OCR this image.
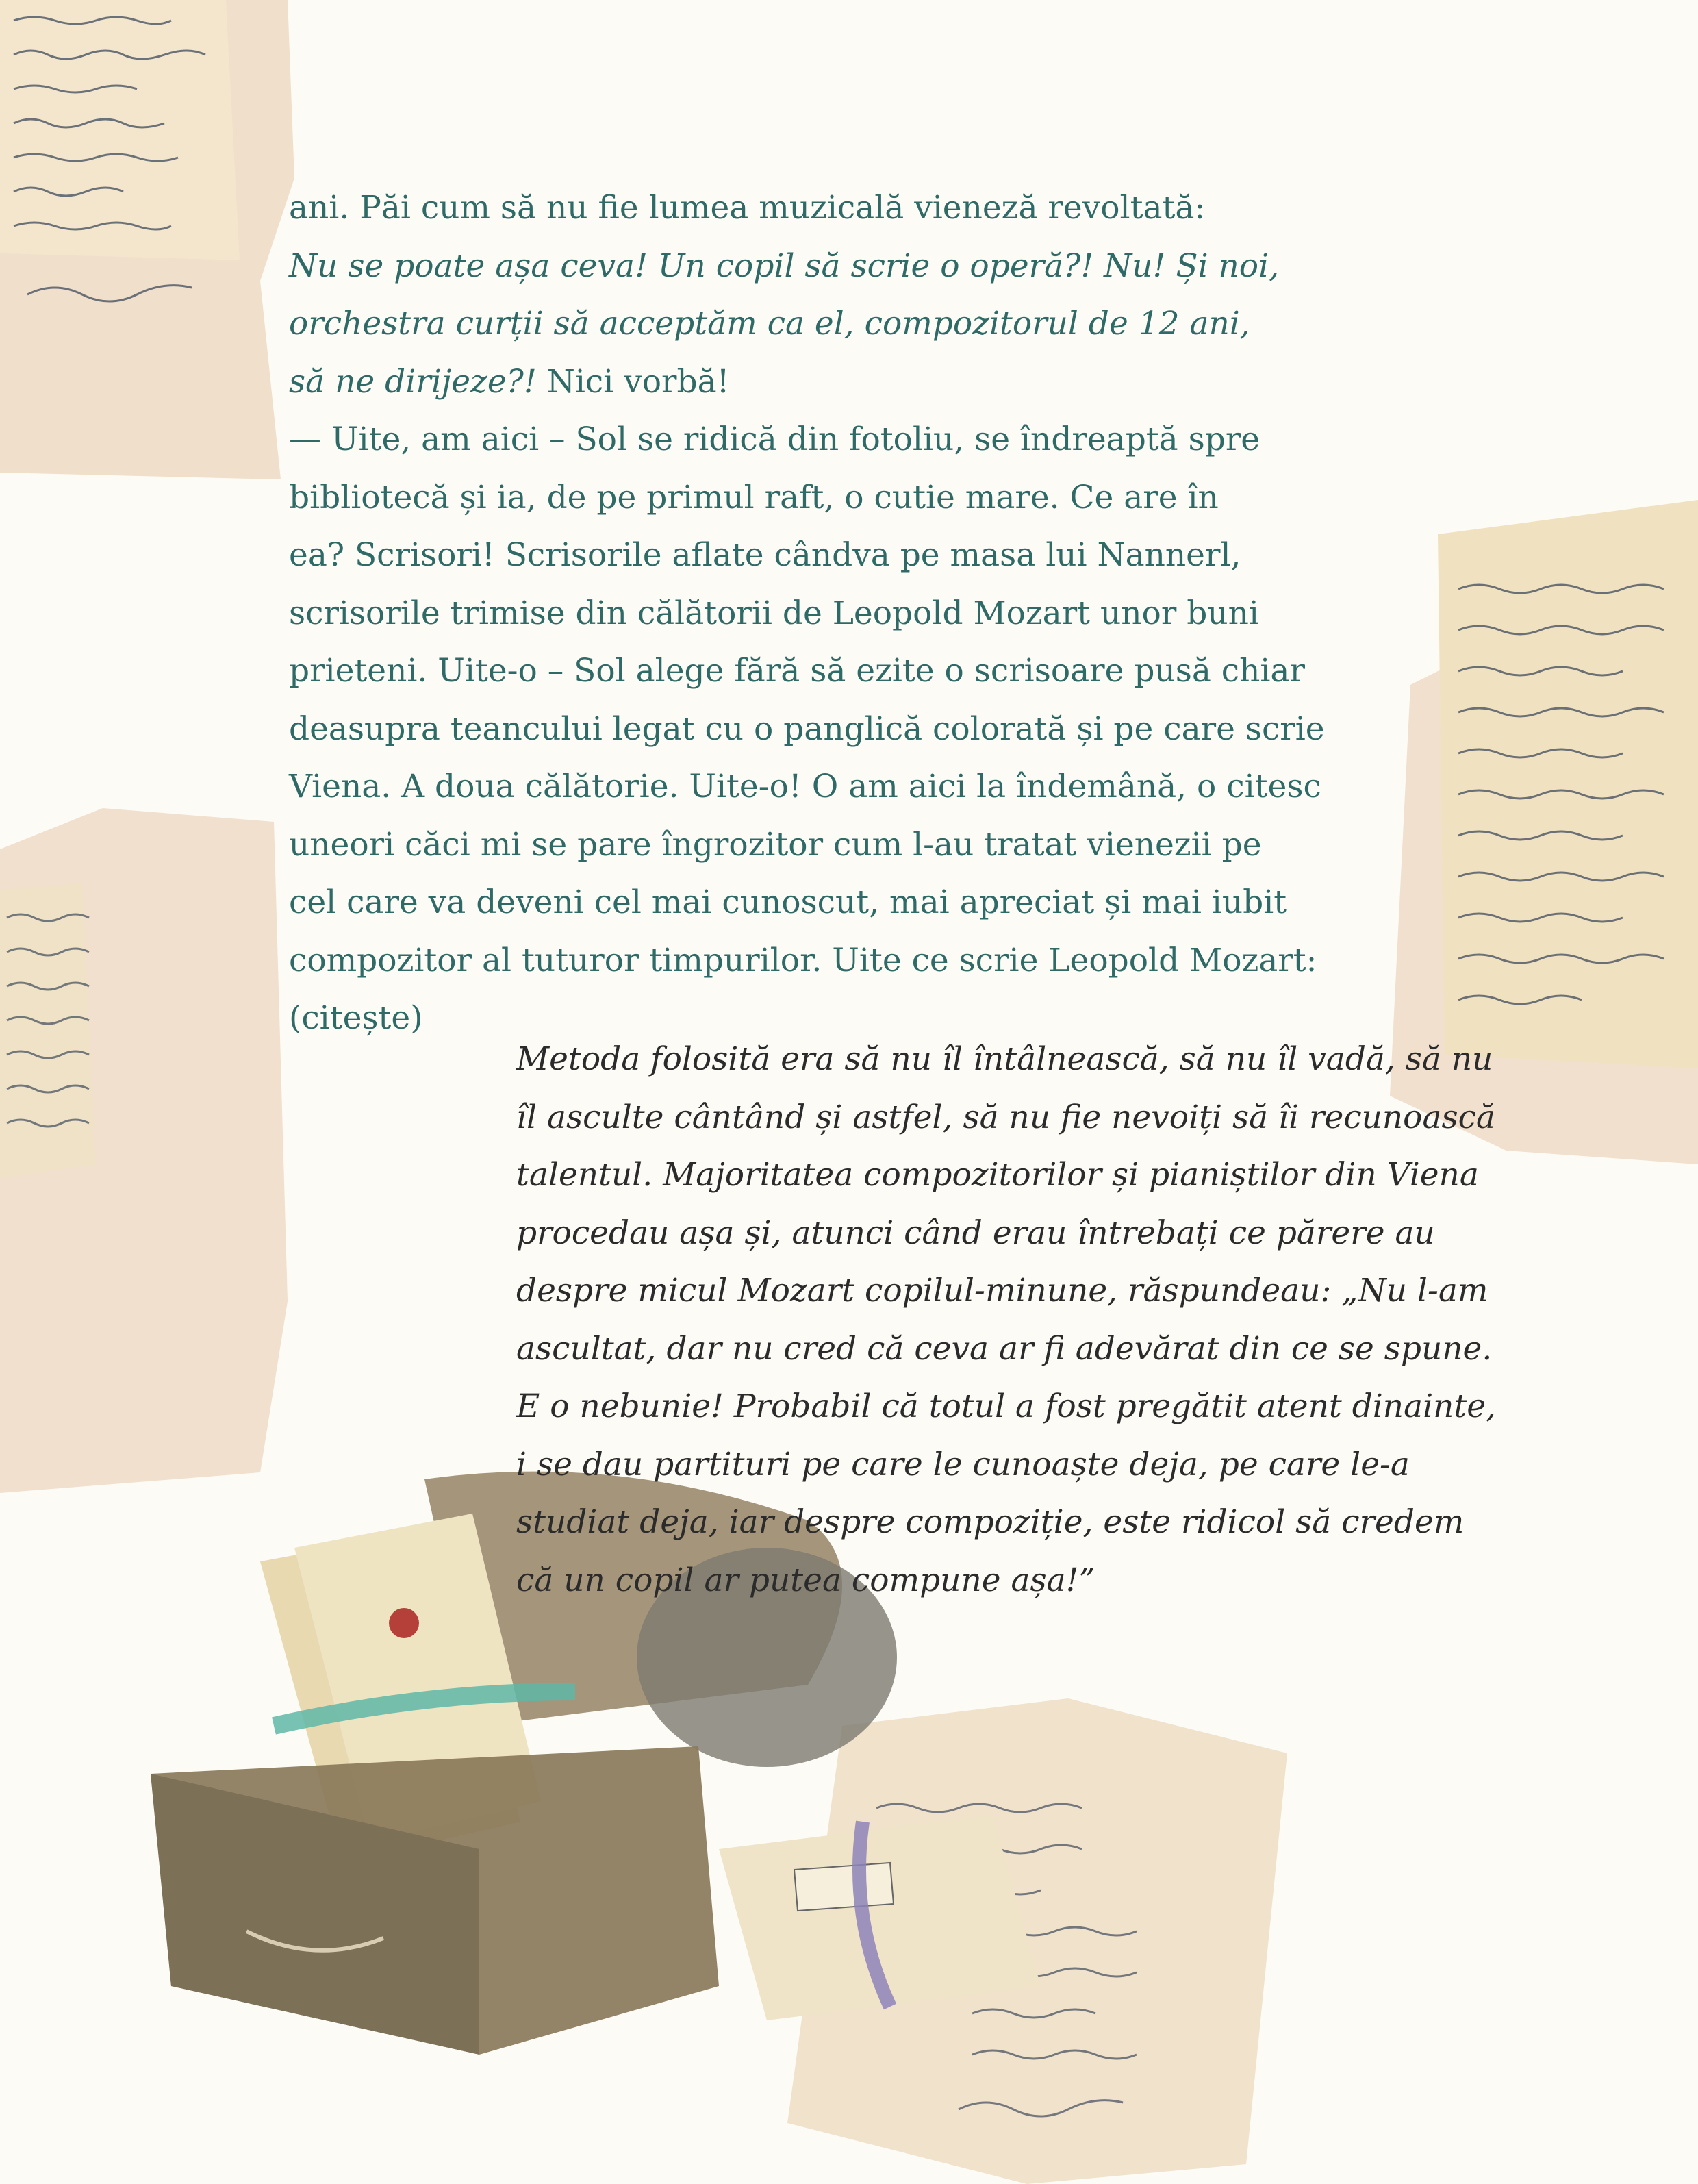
ani. Păi cum să nu fie lumea muzicală vieneză revoltată:
Nu se poate așa ceva! Un copil să scrie o operă?! Nu! Și noi,
orchestra curții să acceptăm ca el, compozitorul de 12 ani,
să ne dirijeze?! Nici vorbă!
— Uite, am aici – Sol se ridică din fotoliu, se îndreaptă spre
bibliotecă și ia, de pe primul raft, o cutie mare. Ce are în
ea? Scrisori! Scrisorile aflate cândva pe masa lui Nannerl,
scrisorile trimise din călătorii de Leopold Mozart unor buni
prieteni. Uite-o – Sol alege fără să ezite o scrisoare pusă chiar
deasupra teancului legat cu o panglică colorată și pe care scrie
Viena. A doua călătorie. Uite-o! O am aici la îndemână, o citesc
uneori căci mi se pare îngrozitor cum l-au tratat vienezii pe
cel care va deveni cel mai cunoscut, mai apreciat și mai iubit
compozitor al tuturor timpurilor. Uite ce scrie Leopold Mozart:
(citește)
Metoda folosită era să nu îl întâlnească, să nu îl vadă, să nu
îl asculte cântând și astfel, să nu fie nevoiți să îi recunoască
talentul. Majoritatea compozitorilor și pianiștilor din Viena
procedau așa și, atunci când erau întrebați ce părere au
despre micul Mozart copilul-minune, răspundeau: „Nu l-am
ascultat, dar nu cred că ceva ar fi adevărat din ce se spune.
E o nebunie! Probabil că totul a fost pregătit atent dinainte,
i se dau partituri pe care le cunoaște deja, pe care le-a
studiat deja, iar despre compoziție, este ridicol să credem
că un copil ar putea compune așa!”
